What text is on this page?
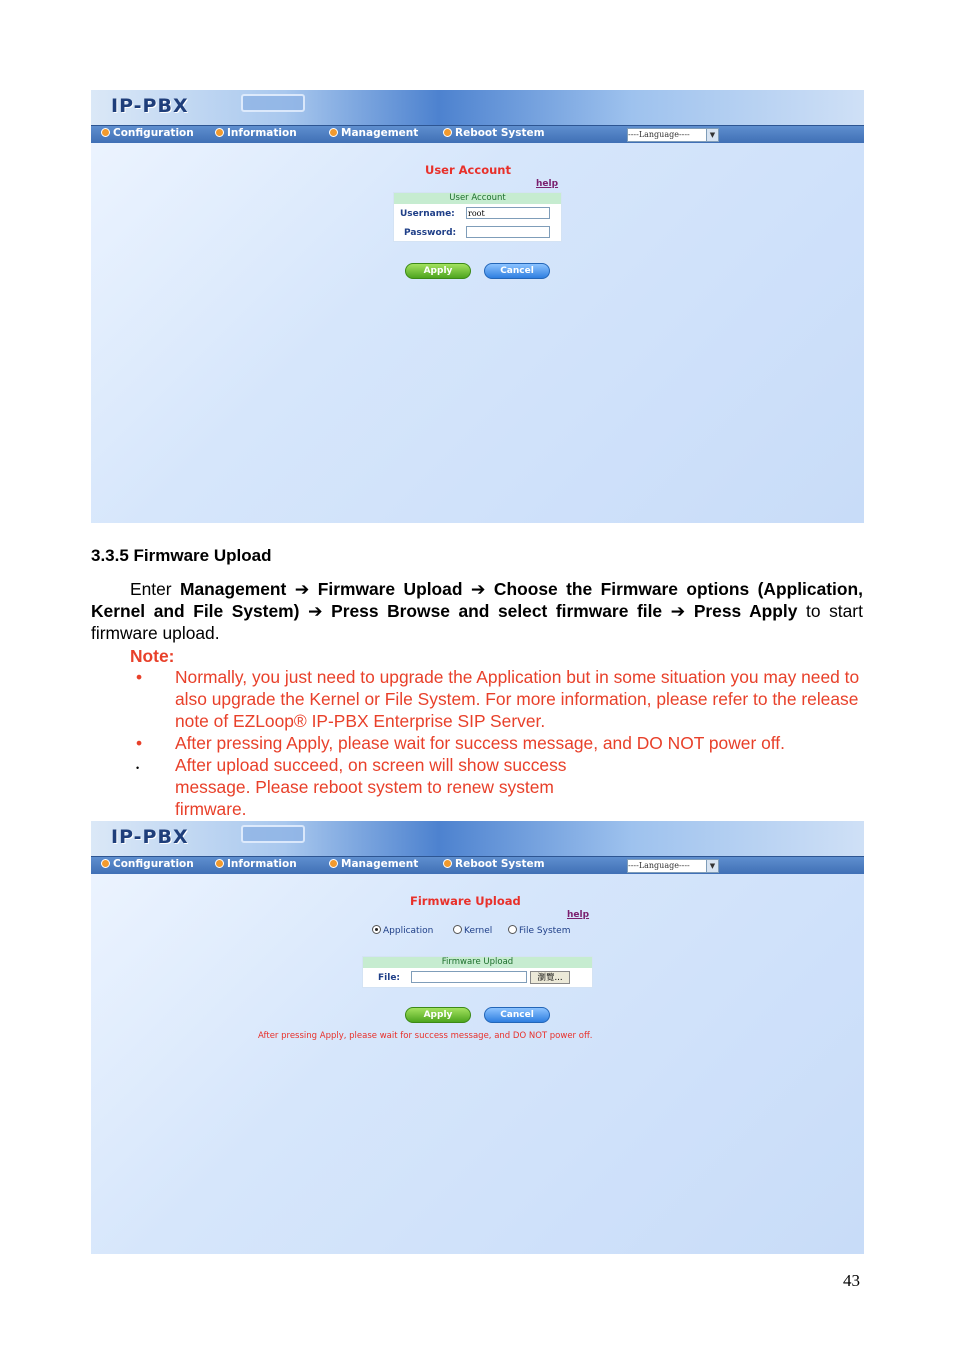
IP-PBX
Configuration	Information	Management	Reboot System	----Language----	▼
User Account
help
User Account
Username: root
Password:
Apply	Cancel
3.3.5 Firmware Upload
Enter Management ➔ Firmware Upload ➔ Choose the Firmware options (Application, Kernel and File System) ➔ Press Browse and select firmware file ➔ Press Apply to start firmware upload.
Note:
• Normally, you just need to upgrade the Application but in some situation you may need to also upgrade the Kernel or File System. For more information, please refer to the release note of EZLoop® IP-PBX Enterprise SIP Server.
• After pressing Apply, please wait for success message, and DO NOT power off.
• After upload succeed, on screen will show success message. Please reboot system to renew system
firmware.
IP-PBX
Configuration	Information	Management	Reboot System	----Language----	▼
Firmware Upload
help
Application	Kernel	File System
Firmware Upload
File:	瀏覽...
Apply	Cancel
After pressing Apply, please wait for success message, and DO NOT power off.
43
